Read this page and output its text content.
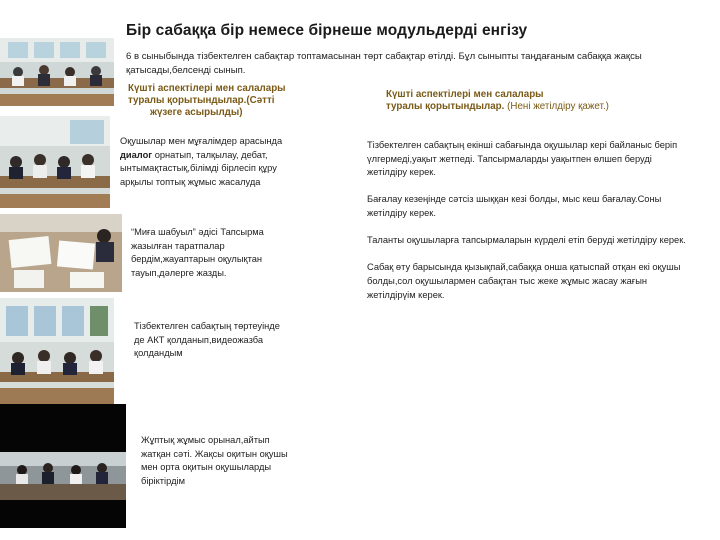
Бір сабаққа бір немесе бірнеше модульдерді енгізу
6 в сыныбында тізбектелген сабақтар топтамасынан төрт сабақтар өтілді. Бұл сыныпты таңдағаным сабаққа жақсы қатысады,белсенді сынып.
Күшті аспектілері мен салалары
туралы қорытындылар.(Сәтті

жүзеге асырылды)
Күшті аспектілері мен салалары
туралы қорытындылар. (Нені жетілдіру қажет.)
Оқушылар мен мұғалімдер арасында диалог орнатып, талқылау, дебат, ынтымақтастық,білімді бірлесіп құру арқылы топтық жұмыс жасалуда
“Миға шабуыл” әдісі Тапсырма жазылған таратпалар бердім,жауаптарын оқулықтан тауып,дәлерге жазды.
Тізбектелген сабақтың төртеуінде де АКТ қолданып,видеожазба қолдандым
Жұптық жұмыс орынал,айтып жатқан сәті. Жақсы оқитын оқушы мен орта оқитын оқушыларды біріктірдім

Тізбектелген сабақтың екінші сабағында оқушылар кері байланыс беріп үлгермеді,уақыт жетпеді. Тапсырмаларды уақытпен өлшеп беруді жетілдіру керек.

Бағалау кезеңінде сәтсіз шыққан кезі болды, мыс кеш бағалау.Соны жетілдіру керек.

Таланты оқушыларға тапсырмаларын күрделі етіп беруді жетілдіру керек.

Сабақ өту барысында қызықпай,сабаққа онша қатыспай отқан екі оқушы болды,сол оқушылармен сабақтан тыс жеке жұмыс жасау жағын жетілдірүім керек.
